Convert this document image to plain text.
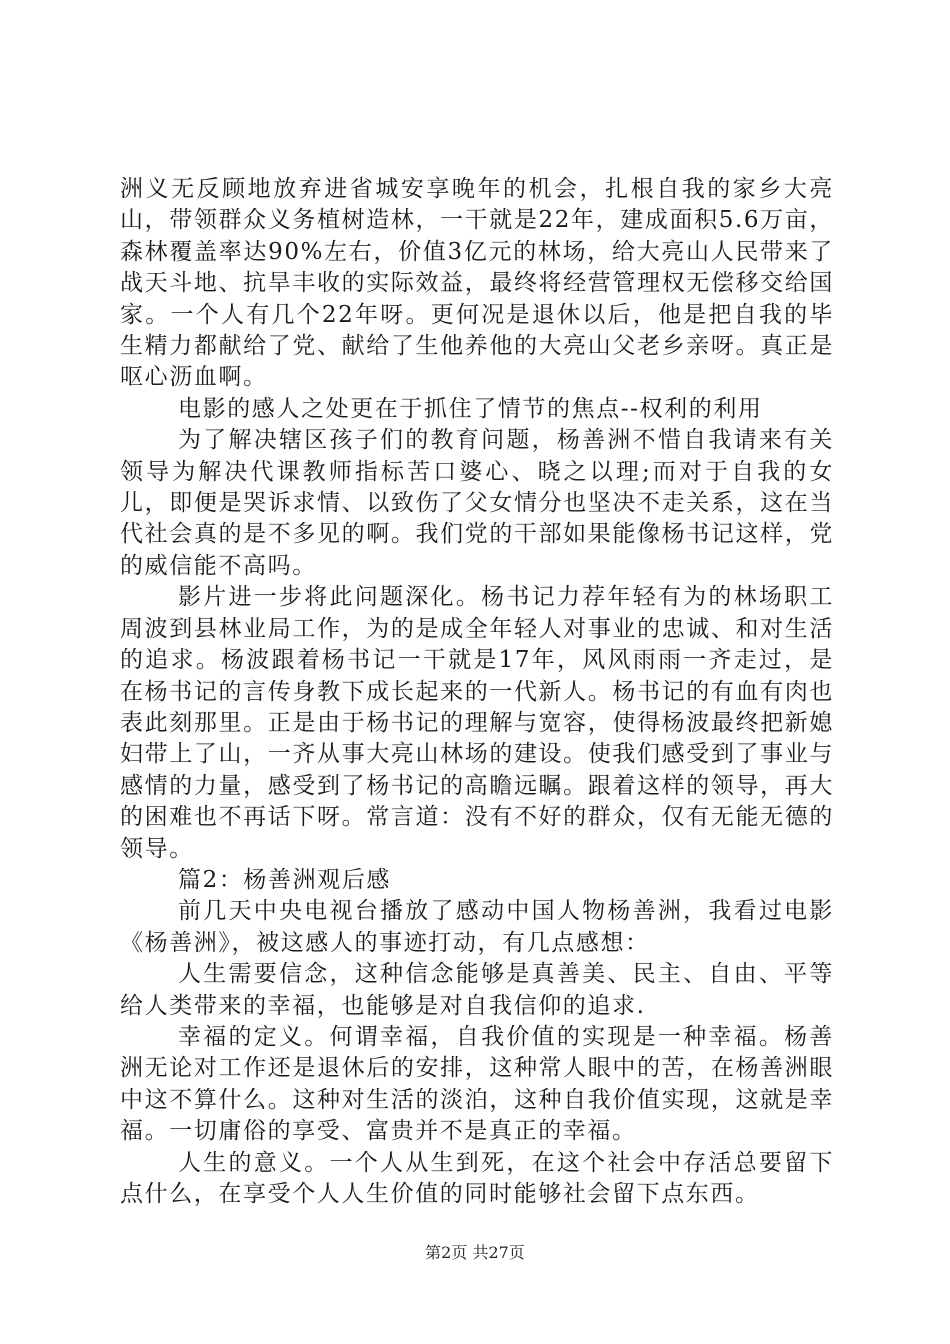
洲义无反顾地放弃进省城安享晚年的机会，扎根自我的家乡大亮山，带领群众义务植树造林，一干就是22年，建成面积5.6万亩，森林覆盖率达90%左右，价值3亿元的林场，给大亮山人民带来了战天斗地、抗旱丰收的实际效益，最终将经营管理权无偿移交给国家。一个人有几个22年呀。更何况是退休以后，他是把自我的毕生精力都献给了党、献给了生他养他的大亮山父老乡亲呀。真正是呕心沥血啊。

电影的感人之处更在于抓住了情节的焦点--权利的利用

为了解决辖区孩子们的教育问题，杨善洲不惜自我请来有关领导为解决代课教师指标苦口婆心、晓之以理;而对于自我的女儿，即便是哭诉求情、以致伤了父女情分也坚决不走关系，这在当代社会真的是不多见的啊。我们党的干部如果能像杨书记这样，党的威信能不高吗。

影片进一步将此问题深化。杨书记力荐年轻有为的林场职工周波到县林业局工作，为的是成全年轻人对事业的忠诚、和对生活的追求。杨波跟着杨书记一干就是17年，风风雨雨一齐走过，是在杨书记的言传身教下成长起来的一代新人。杨书记的有血有肉也表此刻那里。正是由于杨书记的理解与宽容，使得杨波最终把新媳妇带上了山，一齐从事大亮山林场的建设。使我们感受到了事业与感情的力量，感受到了杨书记的高瞻远瞩。跟着这样的领导，再大的困难也不再话下呀。常言道：没有不好的群众，仅有无能无德的领导。

篇2：杨善洲观后感

前几天中央电视台播放了感动中国人物杨善洲，我看过电影《杨善洲》，被这感人的事迹打动，有几点感想：

人生需要信念，这种信念能够是真善美、民主、自由、平等给人类带来的幸福，也能够是对自我信仰的追求.

幸福的定义。何谓幸福，自我价值的实现是一种幸福。杨善洲无论对工作还是退休后的安排，这种常人眼中的苦，在杨善洲眼中这不算什么。这种对生活的淡泊，这种自我价值实现，这就是幸福。一切庸俗的享受、富贵并不是真正的幸福。

人生的意义。一个人从生到死，在这个社会中存活总要留下点什么，在享受个人人生价值的同时能够社会留下点东西。

第2页 共27页
